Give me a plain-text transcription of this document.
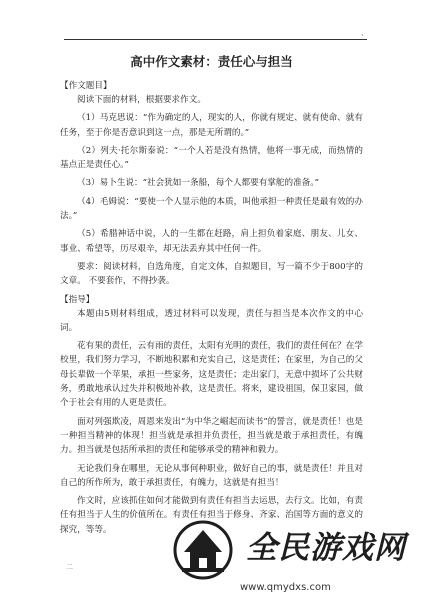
、
高中作文素材：责任心与担当
【作文题目】

阅读下面的材料，根据要求作文。

（1）马克思说：“作为确定的人，现实的人，你就有规定、就有使命、就有任务，至于你是否意识到这一点，那是无所谓的。”

（2）列夫·托尔斯泰说：“一个人若是没有热情，他将一事无成，而热情的基点正是责任心。”

（3）易卜生说：“社会犹如一条船，每个人都要有掌舵的准备。”

（4）毛姆说：“要使一个人显示他的本质，叫他承担一种责任是最有效的办法。”

（5）希腊神话中说，人的一生都在赶路，肩上担负着家庭、朋友、儿女、事业、希望等，历尽艰辛，却无法丢弃其中任何一件。

要求：阅读材料，自选角度，自定文体，自拟题目，写一篇不少于800字的文章。 不要套作，不得抄袭。

【指导】

本题由5则材料组成，透过材料可以发现，责任与担当是本次作文的中心词。

花有果的责任，云有雨的责任，太阳有光明的责任，我们的责任何在？在学校里，我们努力学习，不断地积累和充实自己，这是责任；在家里，为自己的父母长辈做一个苹果，承担一些家务，这是责任；走出家门，无意中损坏了公共财务，勇敢地承认过失并积极地补救，这是责任。将来，建设祖国，保卫家园，做个于社会有用的人更是责任。

面对列强欺凌，周恩来发出“为中华之崛起而读书”的誓言，就是责任！也是一种担当精神的体现！担当就是承担并负责任，担当就是敢于承担责任，有魄力。担当就是包括所承担的责任和能够承受的精神和毅力。

无论我们身在哪里，无论从事何种职业，做好自己的事，就是责任！并且对自己的所作所为，敢于承担责任，有魄力，这就是有担当！

作文时，应该抓住如何才能做到有责任有担当去运思，去行文。比如，有责任有担当于人生的价值所在。有责任有担当于修身、齐家、治国等方面的意义的探究，等等。

二
全民游戏网
www.qmydxs.com
